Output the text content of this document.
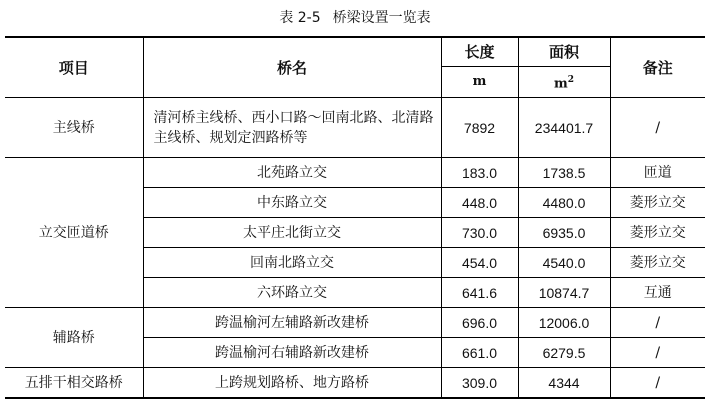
表 2-5 桥梁设置一览表
项目	桥名	长度	面积	备注
		m	$m^2$
主线桥	清河桥主线桥、西小口路～回南北路、北清路主线桥、规划定泗路桥等	7892	234401.7	/
立交匝道桥	北苑路立交	183.0	1738.5	匝道
	中东路立交	448.0	4480.0	菱形立交
	太平庄北街立交	730.0	6935.0	菱形立交
	回南北路立交	454.0	4540.0	菱形立交
	六环路立交	641.6	10874.7	互通
辅路桥	跨温榆河左辅路新改建桥	696.0	12006.0	/
	跨温榆河右辅路新改建桥	661.0	6279.5	/
五排干相交路桥	上跨规划路桥、地方路桥	309.0	4344	/
